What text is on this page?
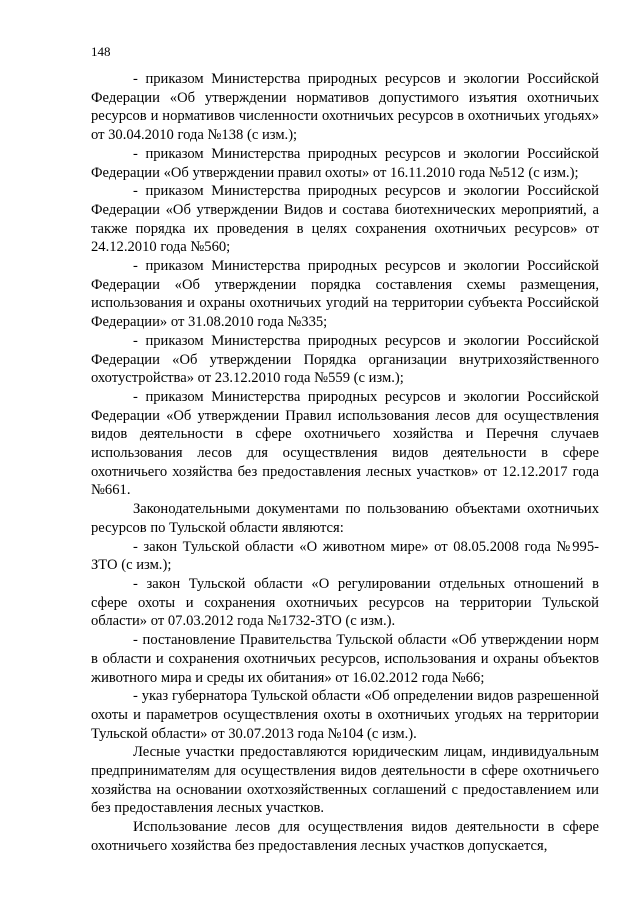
148

- приказом Министерства природных ресурсов и экологии Российской Федерации «Об утверждении нормативов допустимого изъятия охотничьих ресурсов и нормативов численности охотничьих ресурсов в охотничьих угодьях» от 30.04.2010 года №138 (с изм.);

- приказом Министерства природных ресурсов и экологии Российской Федерации «Об утверждении правил охоты» от 16.11.2010 года №512 (с изм.);

- приказом Министерства природных ресурсов и экологии Российской Федерации «Об утверждении Видов и состава биотехнических мероприятий, а также порядка их проведения в целях сохранения охотничьих ресурсов» от 24.12.2010 года №560;

- приказом Министерства природных ресурсов и экологии Российской Федерации «Об утверждении порядка составления схемы размещения, использования и охраны охотничьих угодий на территории субъекта Российской Федерации» от 31.08.2010 года №335;

- приказом Министерства природных ресурсов и экологии Российской Федерации «Об утверждении Порядка организации внутрихозяйственного охотустройства» от 23.12.2010 года №559 (с изм.);

- приказом Министерства природных ресурсов и экологии Российской Федерации «Об утверждении Правил использования лесов для осуществления видов деятельности в сфере охотничьего хозяйства и Перечня случаев использования лесов для осуществления видов деятельности в сфере охотничьего хозяйства без предоставления лесных участков» от 12.12.2017 года №661.

Законодательными документами по пользованию объектами охотничьих ресурсов по Тульской области являются:

- закон Тульской области «О животном мире» от 08.05.2008 года №995-ЗТО (с изм.);

- закон Тульской области «О регулировании отдельных отношений в сфере охоты и сохранения охотничьих ресурсов на территории Тульской области» от 07.03.2012 года №1732-ЗТО (с изм.).

- постановление Правительства Тульской области «Об утверждении норм в области и сохранения охотничьих ресурсов, использования и охраны объектов животного мира и среды их обитания» от 16.02.2012 года №66;

- указ губернатора Тульской области «Об определении видов разрешенной охоты и параметров осуществления охоты в охотничьих угодьях на территории Тульской области» от 30.07.2013 года №104 (с изм.).

Лесные участки предоставляются юридическим лицам, индивидуальным предпринимателям для осуществления видов деятельности в сфере охотничьего хозяйства на основании охотхозяйственных соглашений с предоставлением или без предоставления лесных участков.

Использование лесов для осуществления видов деятельности в сфере охотничьего хозяйства без предоставления лесных участков допускается,
